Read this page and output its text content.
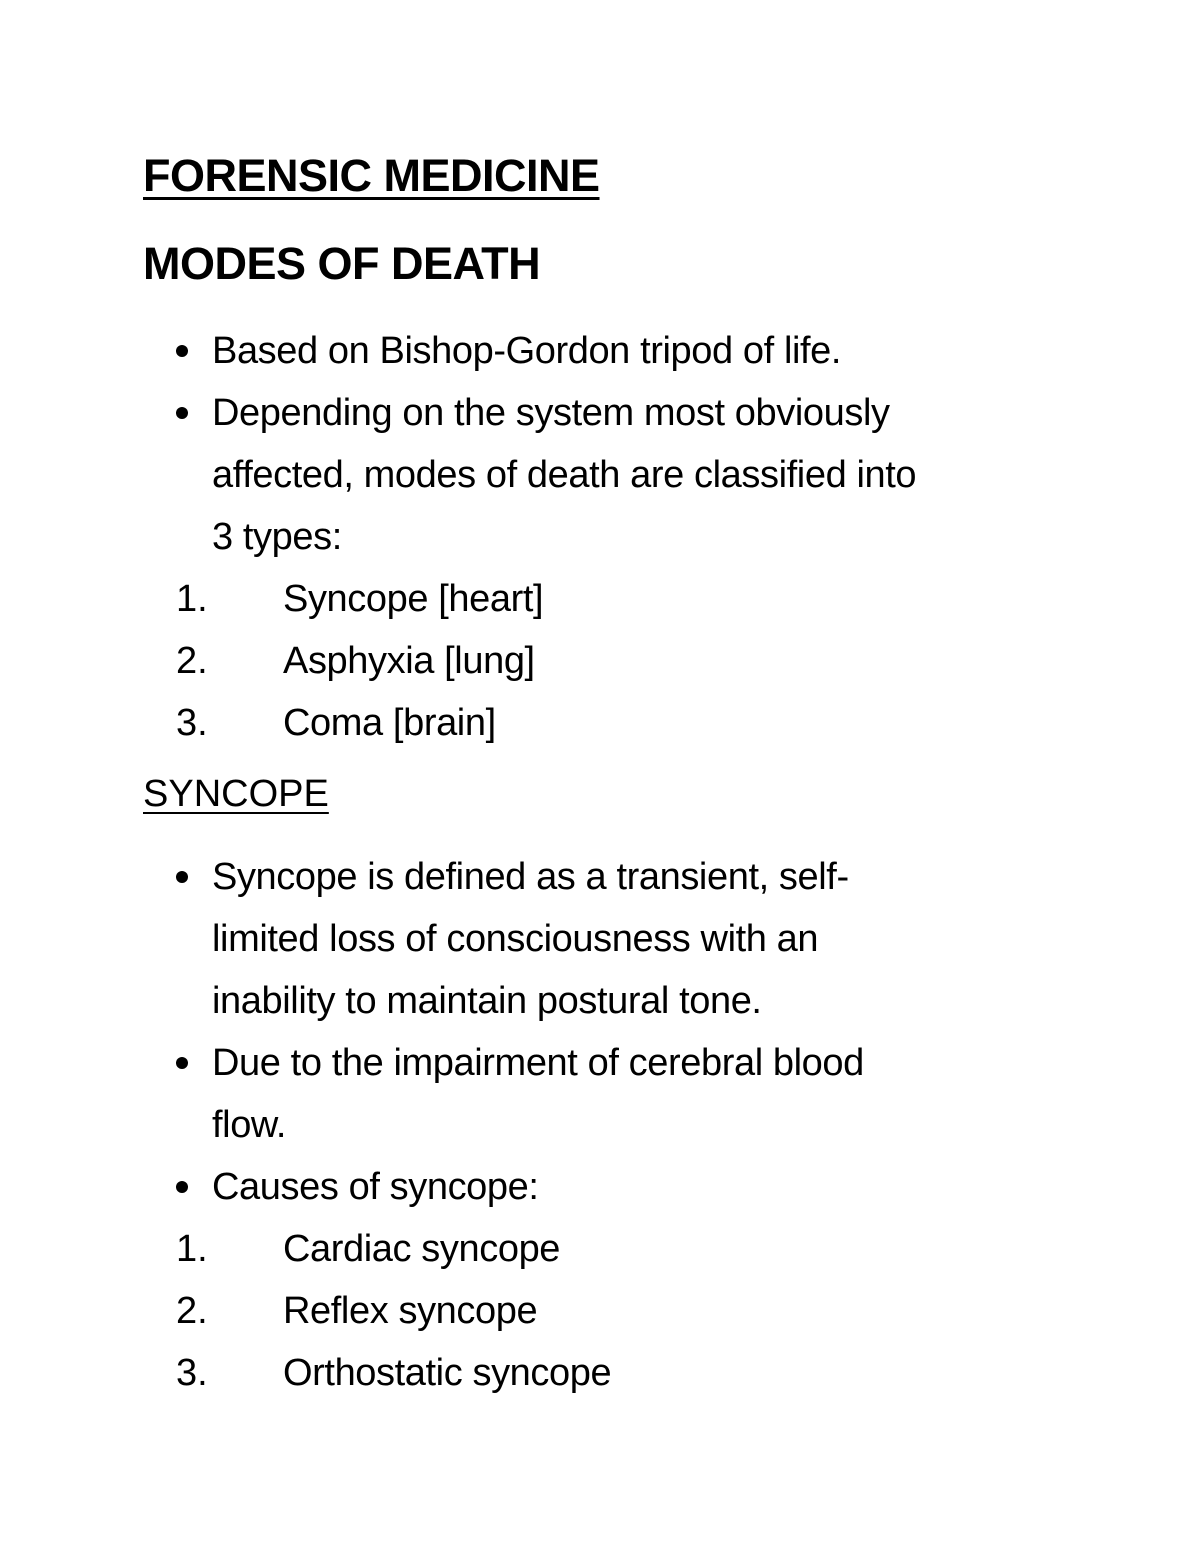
FORENSIC MEDICINE
MODES OF DEATH
Based on Bishop-Gordon tripod of life.
Depending on the system most obviously
affected, modes of death are classified into
3 types:
1. Syncope [heart]
2. Asphyxia [lung]
3. Coma [brain]
SYNCOPE
Syncope is defined as a transient, self-
limited loss of consciousness with an
inability to maintain postural tone.
Due to the impairment of cerebral blood
flow.
Causes of syncope:
1. Cardiac syncope
2. Reflex syncope
3. Orthostatic syncope
